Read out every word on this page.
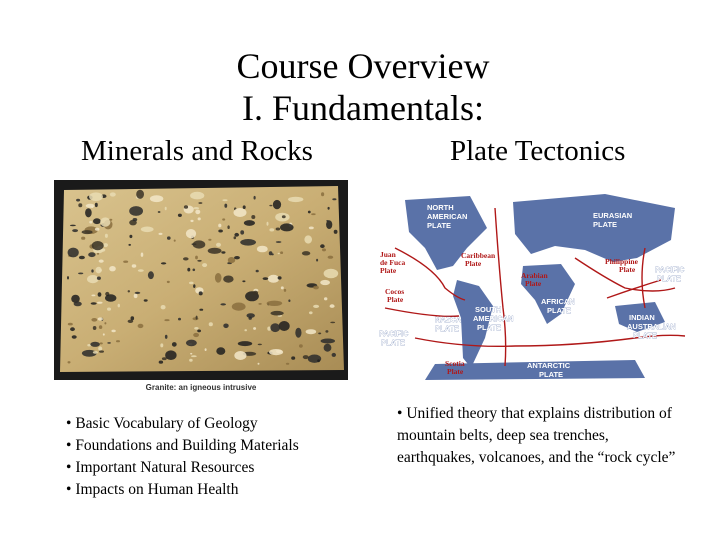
Course Overview
I. Fundamentals:
Minerals and Rocks	Plate Tectonics
Granite: an igneous intrusive
NORTH AMERICAN PLATE
EURASIAN PLATE
Juan de Fuca Plate
Caribbean Plate	Philippine Plate	PACIFIC PLATE
Arabian Plate
Cocos Plate	AFRICAN PLATE
INDIAN AUSTRALIAN PLATE
SOUTH AMERICAN PLATE
NAZCA PLATE
PACIFIC PLATE
Scotia Plate
ANTARCTIC PLATE
• Basic Vocabulary of Geology
• Foundations and Building Materials
• Important Natural Resources
• Impacts on Human Health
• Unified theory that explains distribution of mountain belts, deep sea trenches, earthquakes, volcanoes, and the “rock cycle”
